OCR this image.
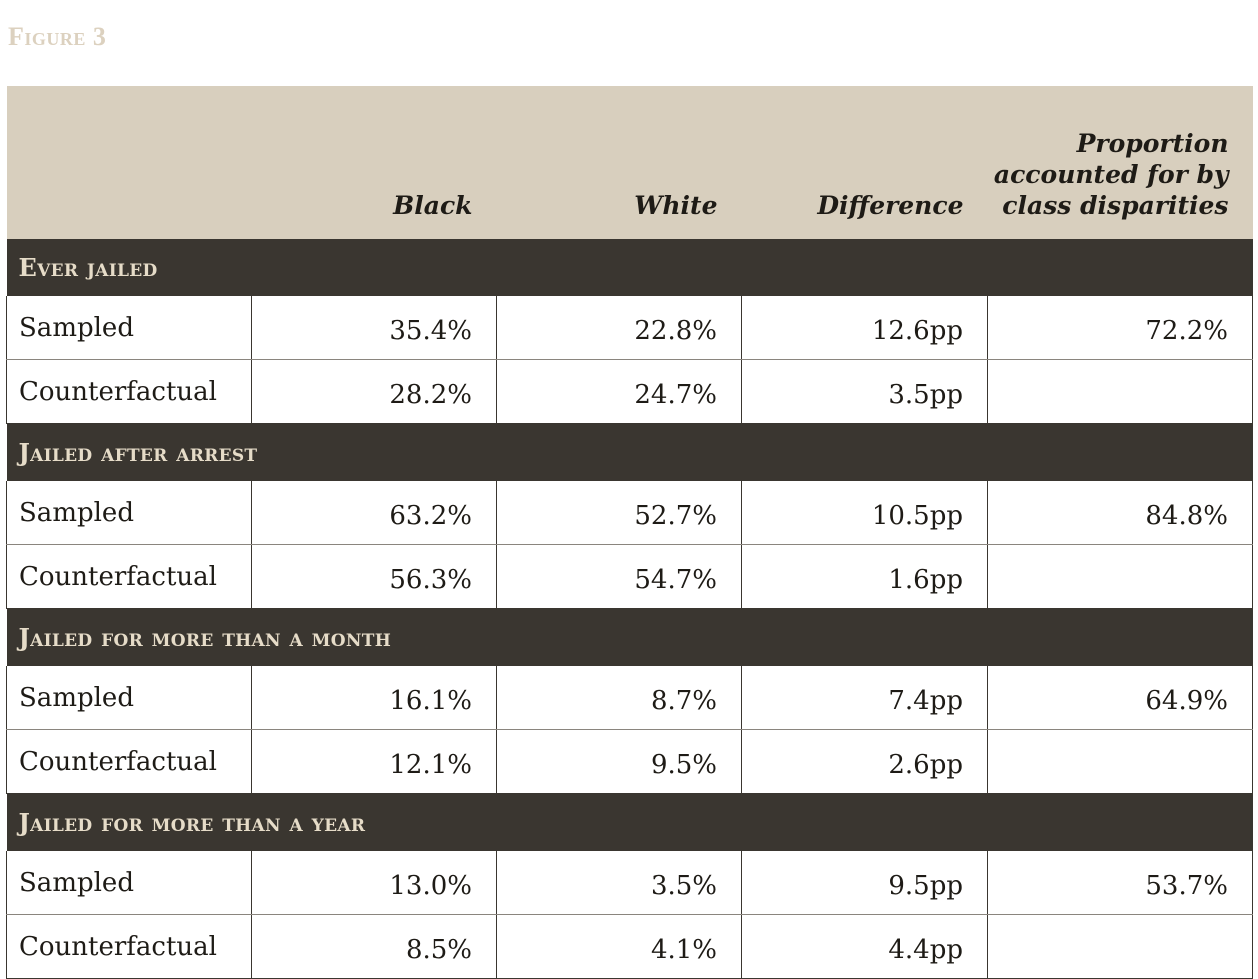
Figure 3
	Black	White	Difference	Proportion
accounted for by
class disparities

Ever jailed				
Sampled	35.4%	22.8%	12.6pp	72.2%
Counterfactual	28.2%	24.7%	3.5pp	
Jailed after arrest				
Sampled	63.2%	52.7%	10.5pp	84.8%
Counterfactual	56.3%	54.7%	1.6pp	
Jailed for more than a month				
Sampled	16.1%	8.7%	7.4pp	64.9%
Counterfactual	12.1%	9.5%	2.6pp	
Jailed for more than a year				
Sampled	13.0%	3.5%	9.5pp	53.7%
Counterfactual	8.5%	4.1%	4.4pp	
